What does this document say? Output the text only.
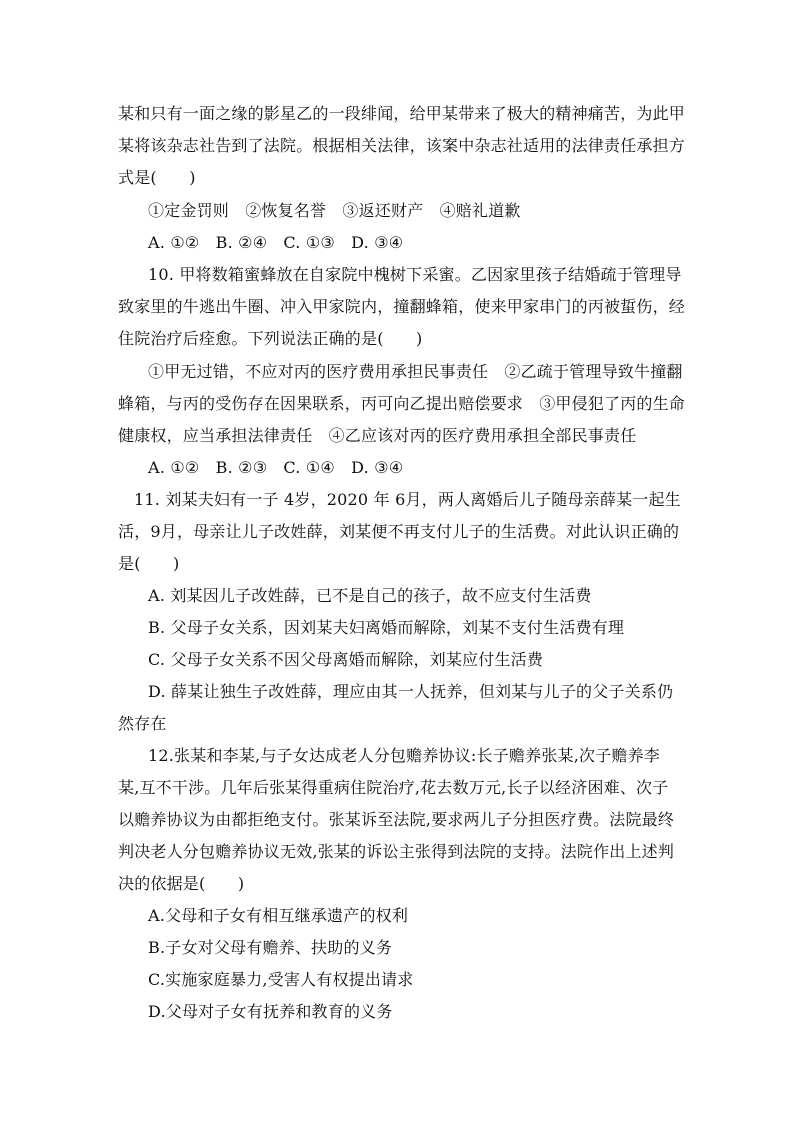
某和只有一面之缘的影星乙的一段绯闻，给甲某带来了极大的精神痛苦，为此甲
某将该杂志社告到了法院。根据相关法律，该案中杂志社适用的法律责任承担方
式是(　　)
①定金罚则　②恢复名誉　③返还财产　④赔礼道歉
A. ①②　B. ②④　C. ①③　D. ③④
10. 甲将数箱蜜蜂放在自家院中槐树下采蜜。乙因家里孩子结婚疏于管理导
致家里的牛逃出牛圈、冲入甲家院内，撞翻蜂箱，使来甲家串门的丙被蜇伤，经
住院治疗后痊愈。下列说法正确的是(　　)
①甲无过错，不应对丙的医疗费用承担民事责任　②乙疏于管理导致牛撞翻
蜂箱，与丙的受伤存在因果联系，丙可向乙提出赔偿要求　③甲侵犯了丙的生命
健康权，应当承担法律责任　④乙应该对丙的医疗费用承担全部民事责任
A. ①②　B. ②③　C. ①④　D. ③④
11. 刘某夫妇有一子 4岁，2020 年 6月，两人离婚后儿子随母亲薛某一起生
活，9月，母亲让儿子改姓薛，刘某便不再支付儿子的生活费。对此认识正确的
是(　　)
A. 刘某因儿子改姓薛，已不是自己的孩子，故不应支付生活费
B. 父母子女关系，因刘某夫妇离婚而解除，刘某不支付生活费有理
C. 父母子女关系不因父母离婚而解除，刘某应付生活费
D. 薛某让独生子改姓薛，理应由其一人抚养，但刘某与儿子的父子关系仍
然存在
12.张某和李某,与子女达成老人分包赡养协议:长子赡养张某,次子赡养李
某,互不干涉。几年后张某得重病住院治疗,花去数万元,长子以经济困难、次子
以赡养协议为由都拒绝支付。张某诉至法院,要求两儿子分担医疗费。法院最终
判决老人分包赡养协议无效,张某的诉讼主张得到法院的支持。法院作出上述判
决的依据是(　　)
A.父母和子女有相互继承遗产的权利
B.子女对父母有赡养、扶助的义务
C.实施家庭暴力,受害人有权提出请求
D.父母对子女有抚养和教育的义务
